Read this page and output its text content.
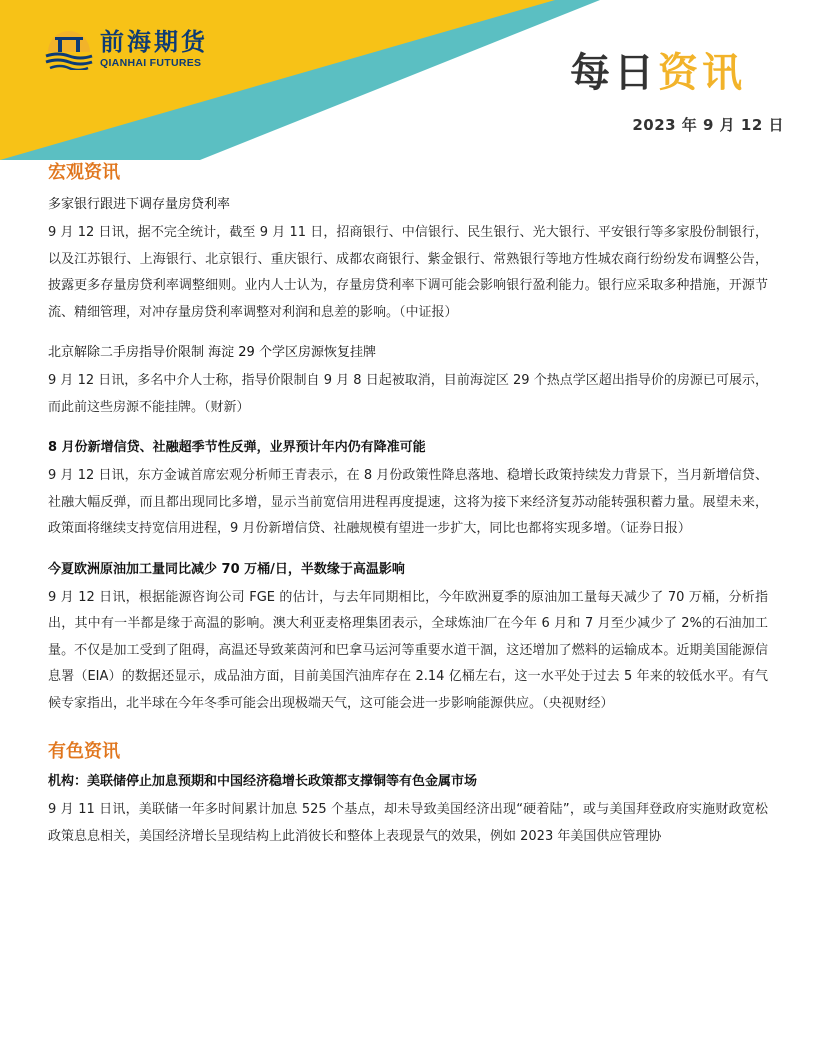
前海期货
QIANHAI FUTURES	每日资讯
2023 年 9 月 12 日
宏观资讯
多家银行跟进下调存量房贷利率

9 月 12 日讯，据不完全统计，截至 9 月 11 日，招商银行、中信银行、民生银行、光大银行、平安银行等多家股份制银行，以及江苏银行、上海银行、北京银行、重庆银行、成都农商银行、紫金银行、常熟银行等地方性城农商行纷纷发布调整公告，披露更多存量房贷利率调整细则。业内人士认为，存量房贷利率下调可能会影响银行盈利能力。银行应采取多种措施，开源节流、精细管理，对冲存量房贷利率调整对利润和息差的影响。（中证报）

北京解除二手房指导价限制 海淀 29 个学区房源恢复挂牌

9 月 12 日讯，多名中介人士称，指导价限制自 9 月 8 日起被取消，目前海淀区 29 个热点学区超出指导价的房源已可展示，而此前这些房源不能挂牌。（财新）

8 月份新增信贷、社融超季节性反弹，业界预计年内仍有降准可能

9 月 12 日讯，东方金诚首席宏观分析师王青表示，在 8 月份政策性降息落地、稳增长政策持续发力背景下，当月新增信贷、社融大幅反弹，而且都出现同比多增，显示当前宽信用进程再度提速，这将为接下来经济复苏动能转强积蓄力量。展望未来，政策面将继续支持宽信用进程，9 月份新增信贷、社融规模有望进一步扩大，同比也都将实现多增。（证券日报）

今夏欧洲原油加工量同比减少 70 万桶/日，半数缘于高温影响

9 月 12 日讯，根据能源咨询公司 FGE 的估计，与去年同期相比，今年欧洲夏季的原油加工量每天减少了 70 万桶，分析指出，其中有一半都是缘于高温的影响。澳大利亚麦格理集团表示，全球炼油厂在今年 6 月和 7 月至少减少了 2%的石油加工量。不仅是加工受到了阻碍，高温还导致莱茵河和巴拿马运河等重要水道干涸，这还增加了燃料的运输成本。近期美国能源信息署（EIA）的数据还显示，成品油方面，目前美国汽油库存在 2.14 亿桶左右，这一水平处于过去 5 年来的较低水平。有气候专家指出，北半球在今年冬季可能会出现极端天气，这可能会进一步影响能源供应。（央视财经）

有色资讯
机构：美联储停止加息预期和中国经济稳增长政策都支撑铜等有色金属市场

9 月 11 日讯，美联储一年多时间累计加息 525 个基点，却未导致美国经济出现“硬着陆”，或与美国拜登政府实施财政宽松政策息息相关，美国经济增长呈现结构上此消彼长和整体上表现景气的效果，例如 2023 年美国供应管理协
